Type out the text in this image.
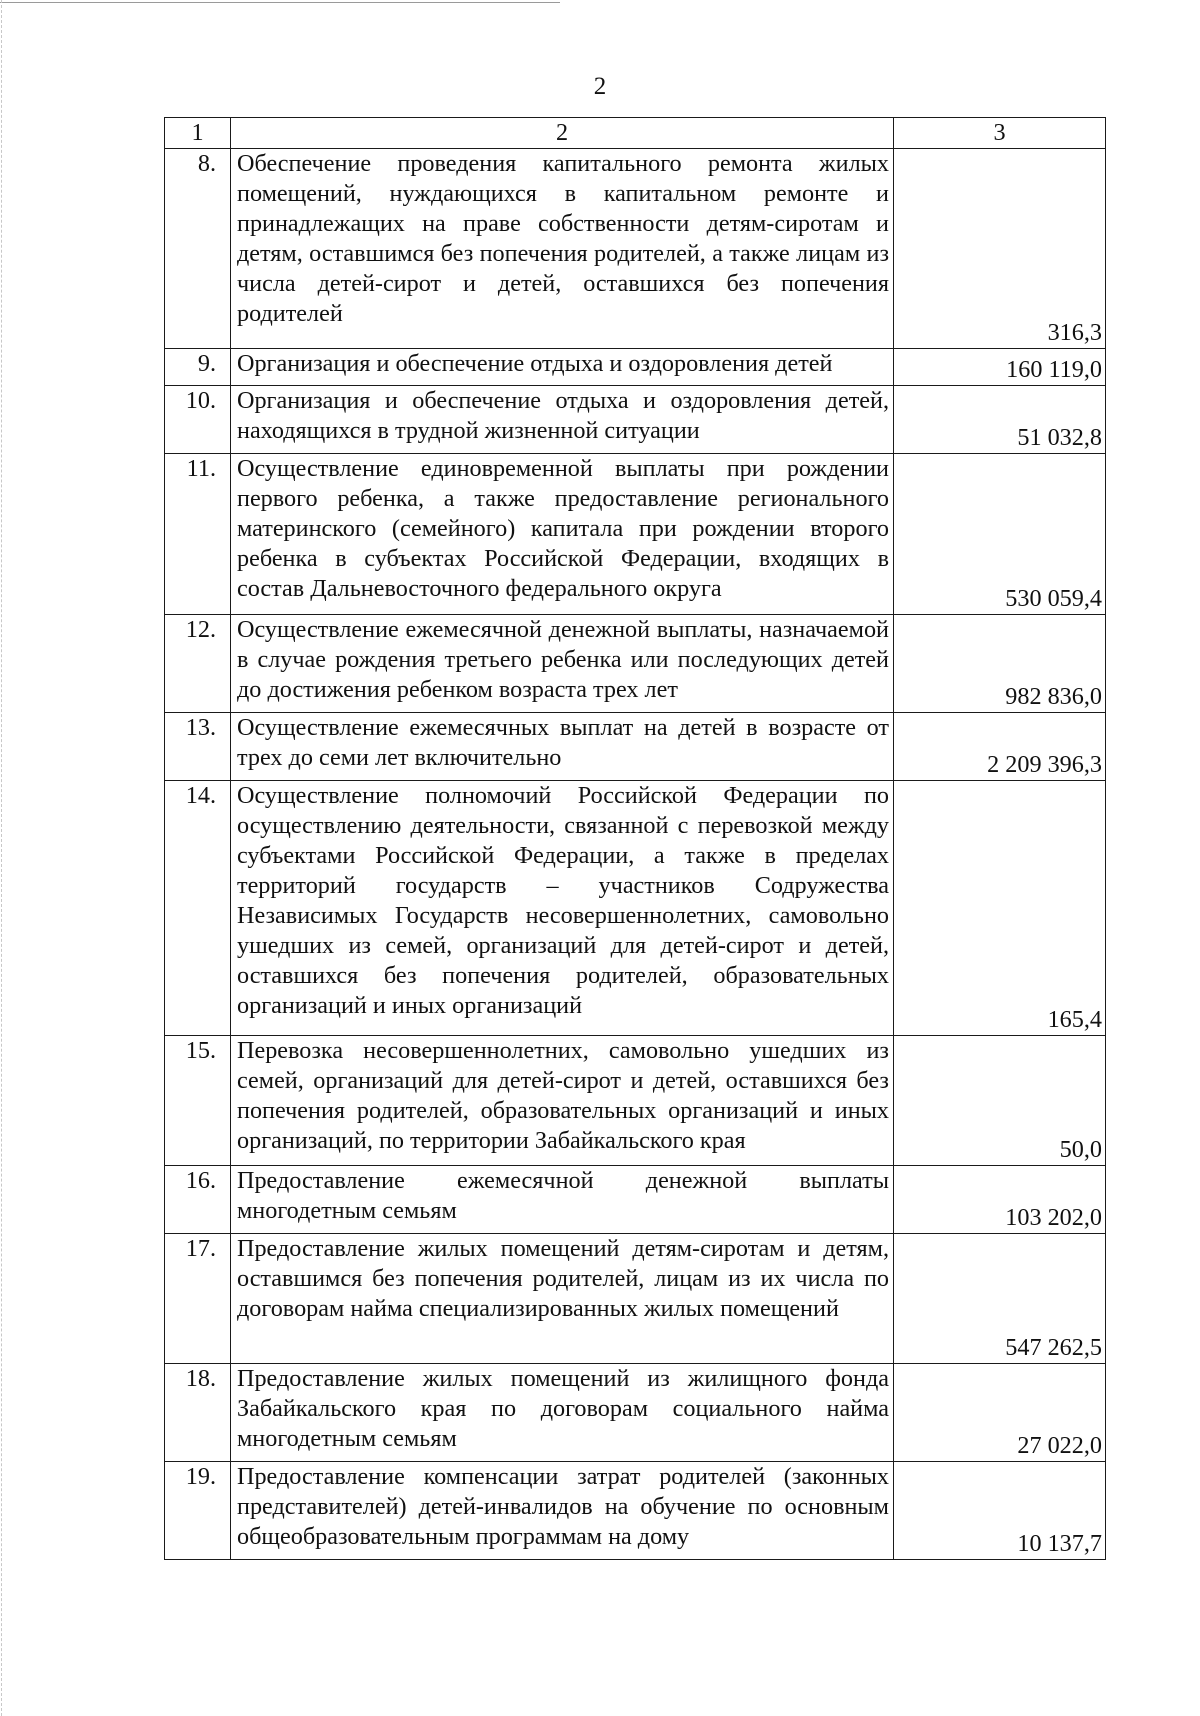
2
1	2	3
8.	Обеспечение проведения капитального ремонта жилых помещений, нуждающихся в капитальном ремонте и принадлежащих на праве собственности детям-сиротам и детям, оставшимся без попечения родителей, а также лицам из числа детей-сирот и детей, оставшихся без попечения родителей	316,3
9.	Организация и обеспечение отдыха и оздоровления детей	160 119,0
10.	Организация и обеспечение отдыха и оздоровления детей, находящихся в трудной жизненной ситуации	51 032,8
11.	Осуществление единовременной выплаты при рождении первого ребенка, а также предоставление регионального материнского (семейного) капитала при рождении второго ребенка в субъектах Российской Федерации, входящих в состав Дальневосточного федерального округа	530 059,4
12.	Осуществление ежемесячной денежной выплаты, назначаемой в случае рождения третьего ребенка или последующих детей до достижения ребенком возраста трех лет	982 836,0
13.	Осуществление ежемесячных выплат на детей в возрасте от трех до семи лет включительно	2 209 396,3
14.	Осуществление полномочий Российской Федерации по осуществлению деятельности, связанной с перевозкой между субъектами Российской Федерации, а также в пределах территорий государств – участников Содружества Независимых Государств несовершеннолетних, самовольно ушедших из семей, организаций для детей-сирот и детей, оставшихся без попечения родителей, образовательных организаций и иных организаций	165,4
15.	Перевозка несовершеннолетних, самовольно ушедших из семей, организаций для детей-сирот и детей, оставшихся без попечения родителей, образовательных организаций и иных организаций, по территории Забайкальского края	50,0
16.	Предоставление ежемесячной денежной выплаты многодетным семьям	103 202,0
17.	Предоставление жилых помещений детям-сиротам и детям, оставшимся без попечения родителей, лицам из их числа по договорам найма специализированных жилых помещений	547 262,5
18.	Предоставление жилых помещений из жилищного фонда Забайкальского края по договорам социального найма многодетным семьям	27 022,0
19.	Предоставление компенсации затрат родителей (законных представителей) детей-инвалидов на обучение по основным общеобразовательным программам на дому	10 137,7
